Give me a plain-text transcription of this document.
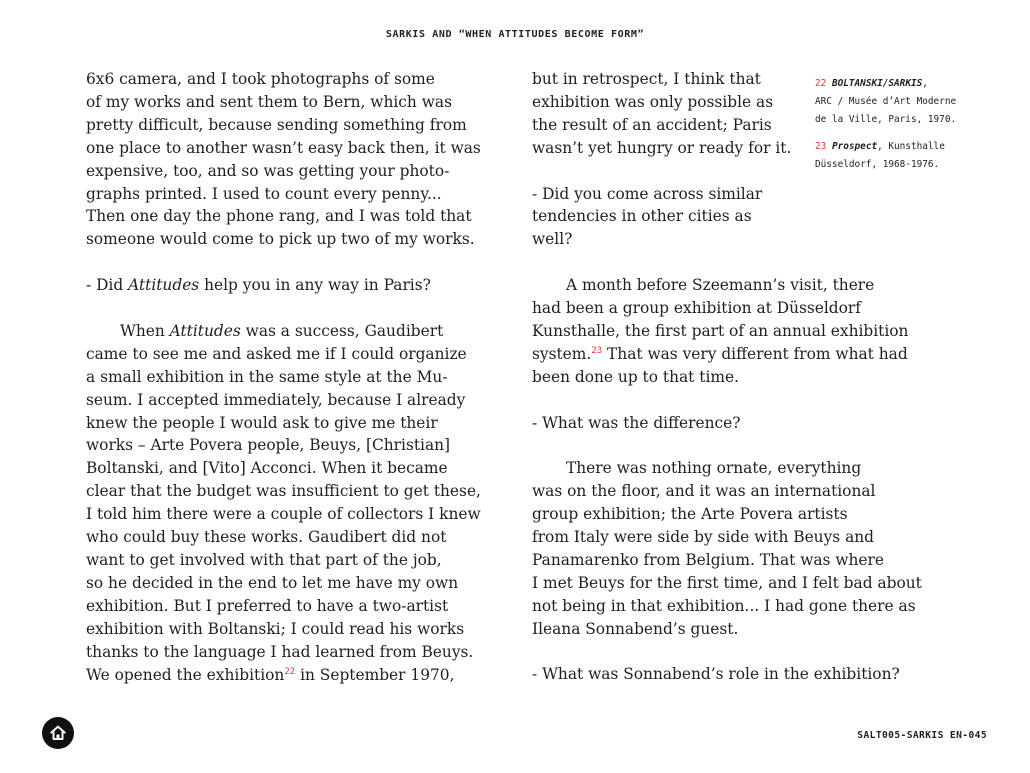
SARKIS AND “WHEN ATTITUDES BECOME FORM”
6x6 camera, and I took photographs of some
of my works and sent them to Bern, which was
pretty difficult, because sending something from
one place to another wasn’t easy back then, it was
expensive, too, and so was getting your photo-
graphs printed. I used to count every penny...
Then one day the phone rang, and I was told that
someone would come to pick up two of my works.
- Did Attitudes help you in any way in Paris?
When Attitudes was a success, Gaudibert
came to see me and asked me if I could organize
a small exhibition in the same style at the Mu-
seum. I accepted immediately, because I already
knew the people I would ask to give me their
works – Arte Povera people, Beuys, [Christian]
Boltanski, and [Vito] Acconci. When it became
clear that the budget was insufficient to get these,
I told him there were a couple of collectors I knew
who could buy these works. Gaudibert did not
want to get involved with that part of the job,
so he decided in the end to let me have my own
exhibition. But I preferred to have a two-artist
exhibition with Boltanski; I could read his works
thanks to the language I had learned from Beuys.
We opened the exhibition$^{22}$ in September 1970,
but in retrospect, I think that
exhibition was only possible as
the result of an accident; Paris
wasn’t yet hungry or ready for it.
- Did you come across similar
tendencies in other cities as
well?
A month before Szeemann’s visit, there
had been a group exhibition at Düsseldorf
Kunsthalle, the first part of an annual exhibition
system.$^{23}$ That was very different from what had
been done up to that time.
- What was the difference?
There was nothing ornate, everything
was on the floor, and it was an international
group exhibition; the Arte Povera artists
from Italy were side by side with Beuys and
Panamarenko from Belgium. That was where
I met Beuys for the first time, and I felt bad about
not being in that exhibition... I had gone there as
Ileana Sonnabend’s guest.
- What was Sonnabend’s role in the exhibition?
22 BOLTANSKI/SARKIS,
ARC / Musée d’Art Moderne
de la Ville, Paris, 1970.
23 Prospect, Kunsthalle
Düsseldorf, 1968-1976.
SALT005-SARKIS EN-045
